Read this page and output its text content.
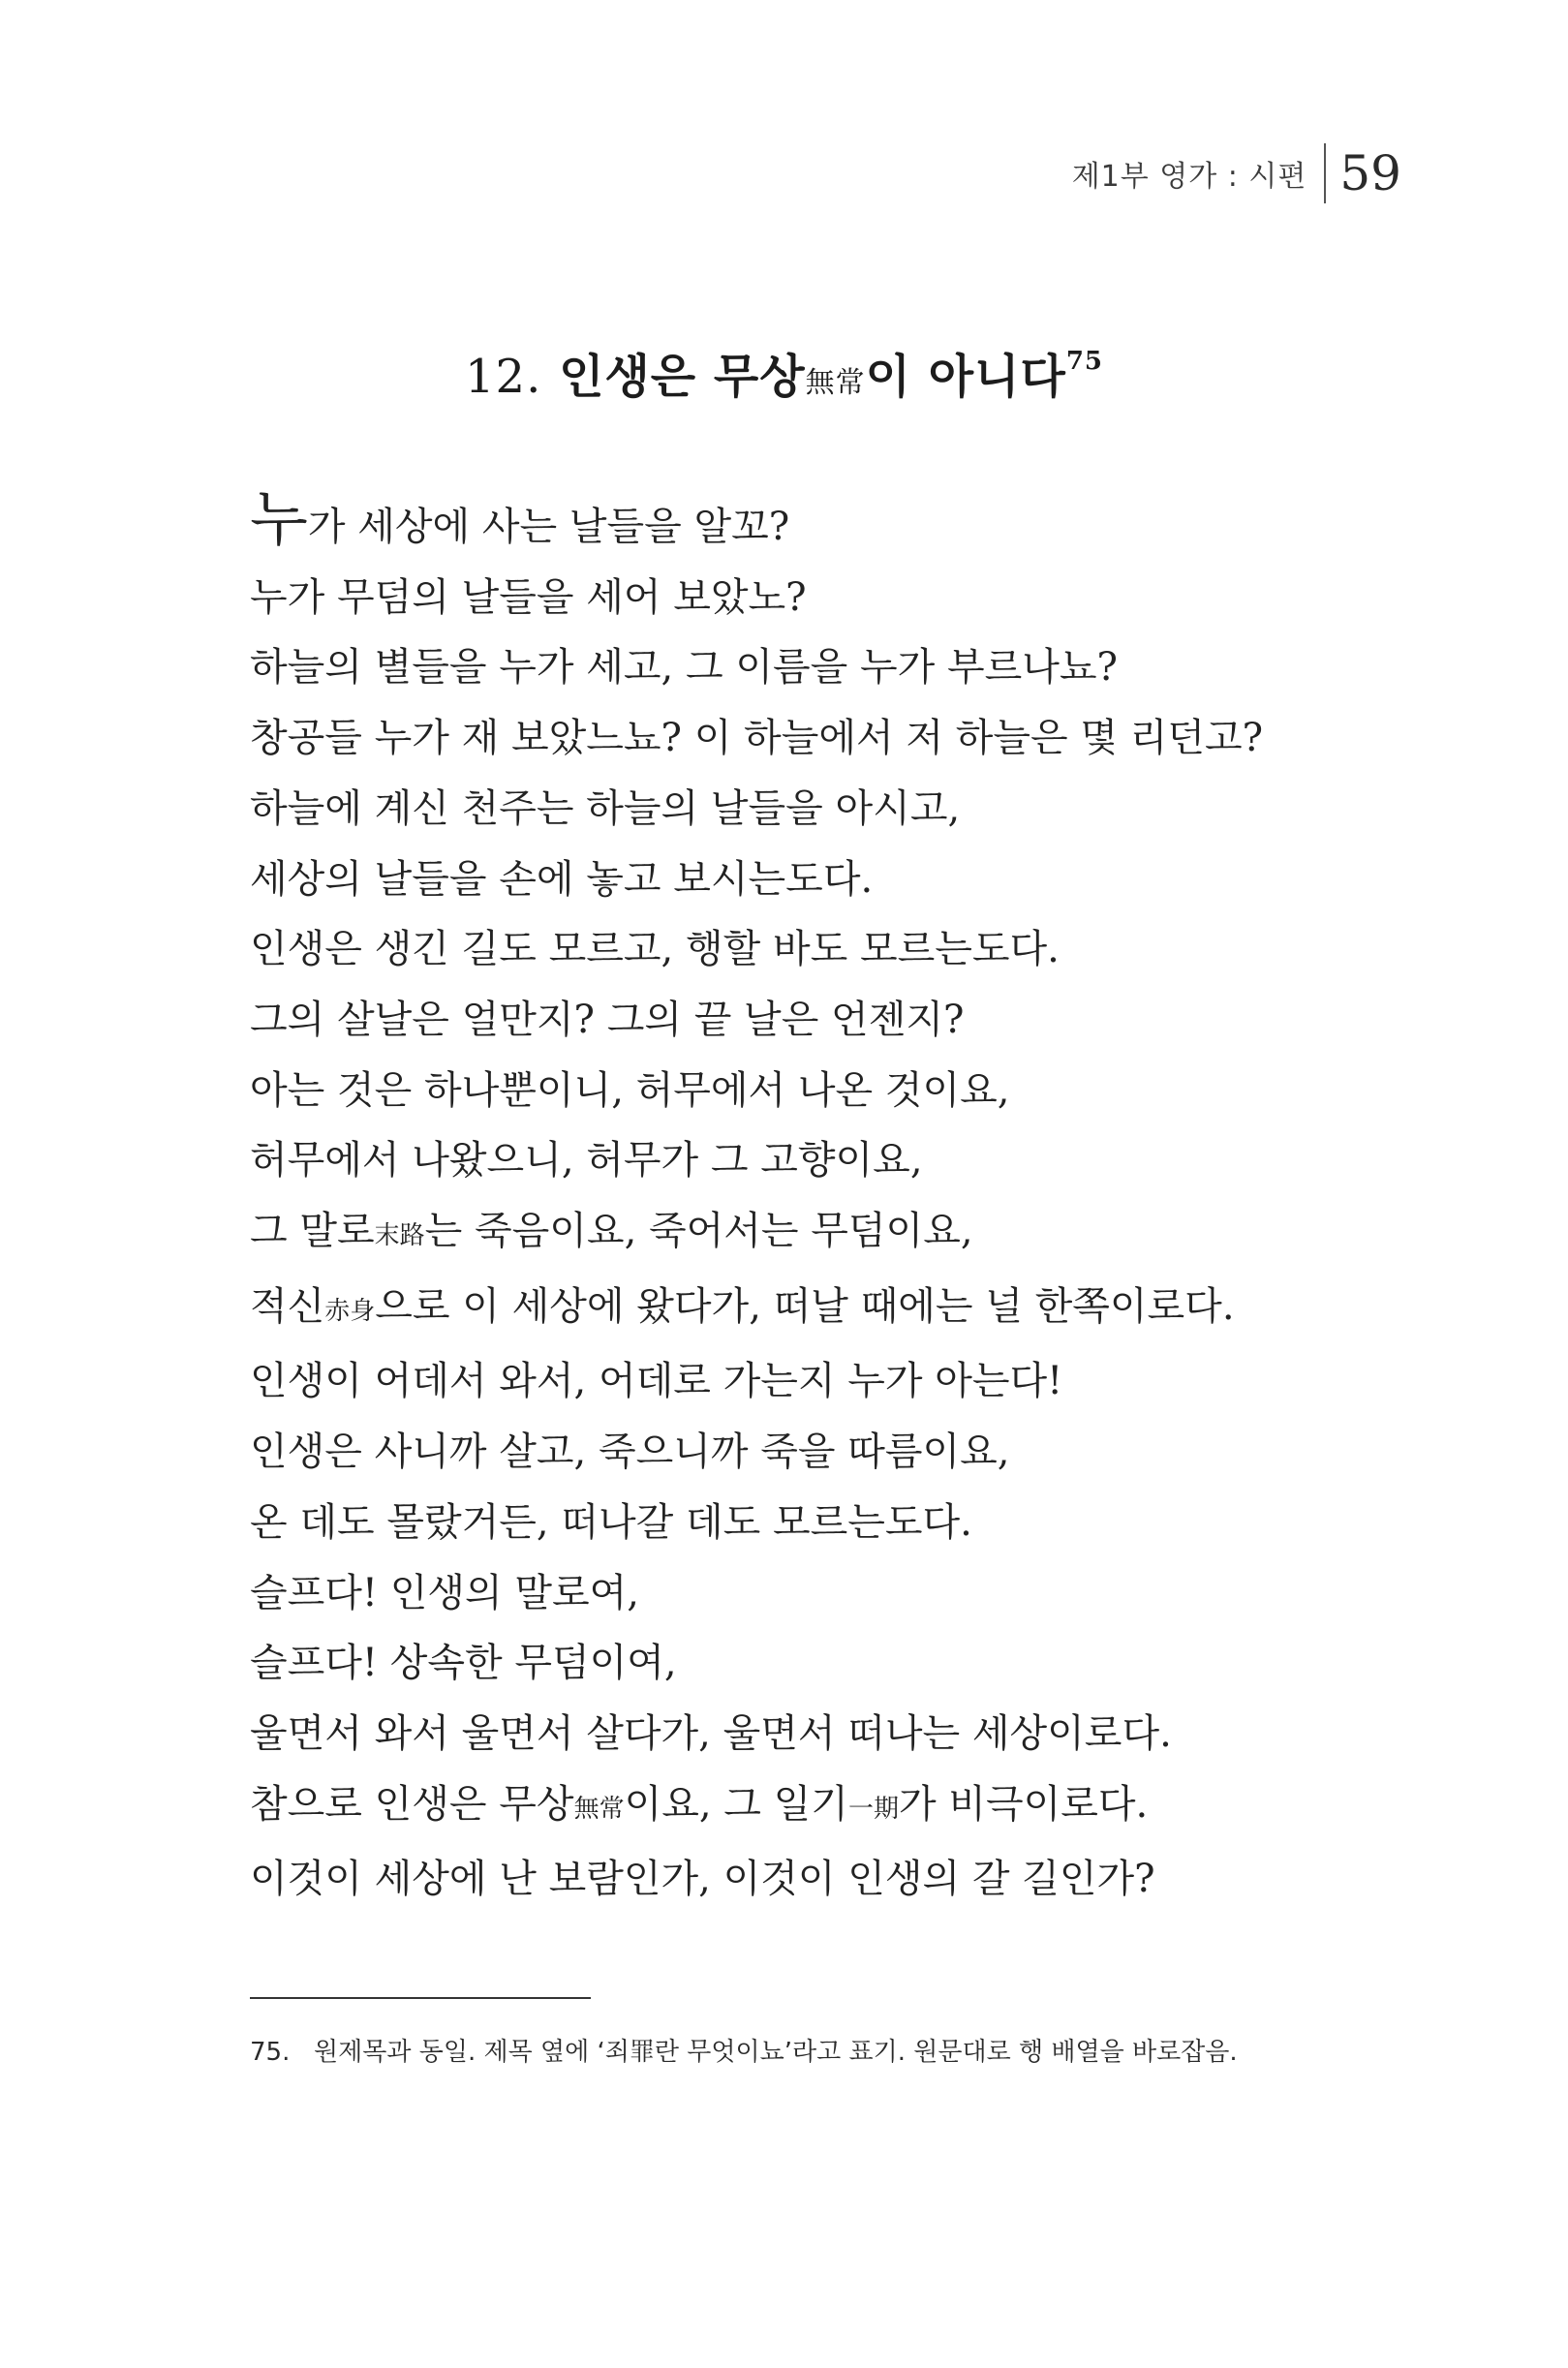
제1부 영가 : 시편 59
12. 인생은 무상無常이 아니다$^{75}$
누가 세상에 사는 날들을 알꼬?
누가 무덤의 날들을 세어 보았노?
하늘의 별들을 누가 세고, 그 이름을 누가 부르나뇨?
창공들 누가 재 보았느뇨? 이 하늘에서 저 하늘은 몇 리던고?
하늘에 계신 천주는 하늘의 날들을 아시고,
세상의 날들을 손에 놓고 보시는도다.
인생은 생긴 길도 모르고, 행할 바도 모르는도다.
그의 살날은 얼만지? 그의 끝 날은 언젠지?
아는 것은 하나뿐이니, 허무에서 나온 것이요,
허무에서 나왔으니, 허무가 그 고향이요,
그 말로末路는 죽음이요, 죽어서는 무덤이요,
적신赤身으로 이 세상에 왔다가, 떠날 때에는 널 한쪽이로다.
인생이 어데서 와서, 어데로 가는지 누가 아는다!
인생은 사니까 살고, 죽으니까 죽을 따름이요,
온 데도 몰랐거든, 떠나갈 데도 모르는도다.
슬프다! 인생의 말로여,
슬프다! 상속한 무덤이여,
울면서 와서 울면서 살다가, 울면서 떠나는 세상이로다.
참으로 인생은 무상無常이요, 그 일기一期가 비극이로다.
이것이 세상에 난 보람인가, 이것이 인생의 갈 길인가?
75. 원제목과 동일. 제목 옆에 ‘죄罪란 무엇이뇨’라고 표기. 원문대로 행 배열을 바로잡음.
